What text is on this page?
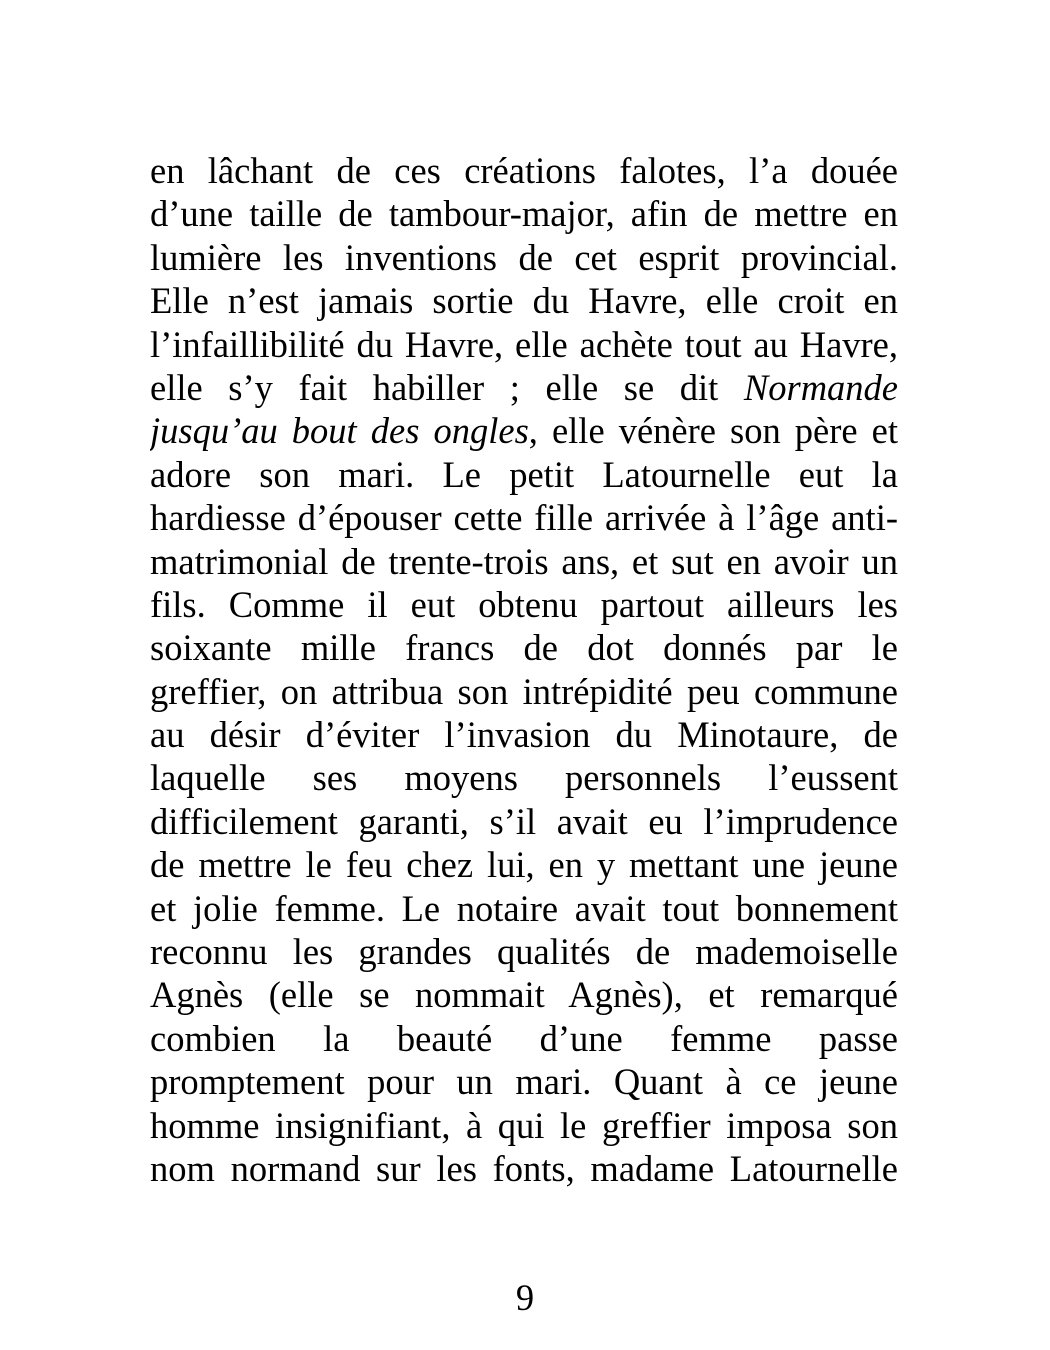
en lâchant de ces créations falotes, l’a douée
d’une taille de tambour-major, afin de mettre en
lumière les inventions de cet esprit provincial.
Elle n’est jamais sortie du Havre, elle croit en
l’infaillibilité du Havre, elle achète tout au Havre,
elle s’y fait habiller ; elle se dit Normande
jusqu’au bout des ongles, elle vénère son père et
adore son mari. Le petit Latournelle eut la
hardiesse d’épouser cette fille arrivée à l’âge anti-
matrimonial de trente-trois ans, et sut en avoir un
fils. Comme il eut obtenu partout ailleurs les
soixante mille francs de dot donnés par le
greffier, on attribua son intrépidité peu commune
au désir d’éviter l’invasion du Minotaure, de
laquelle ses moyens personnels l’eussent
difficilement garanti, s’il avait eu l’imprudence
de mettre le feu chez lui, en y mettant une jeune
et jolie femme. Le notaire avait tout bonnement
reconnu les grandes qualités de mademoiselle
Agnès (elle se nommait Agnès), et remarqué
combien la beauté d’une femme passe
promptement pour un mari. Quant à ce jeune
homme insignifiant, à qui le greffier imposa son
nom normand sur les fonts, madame Latournelle
9
